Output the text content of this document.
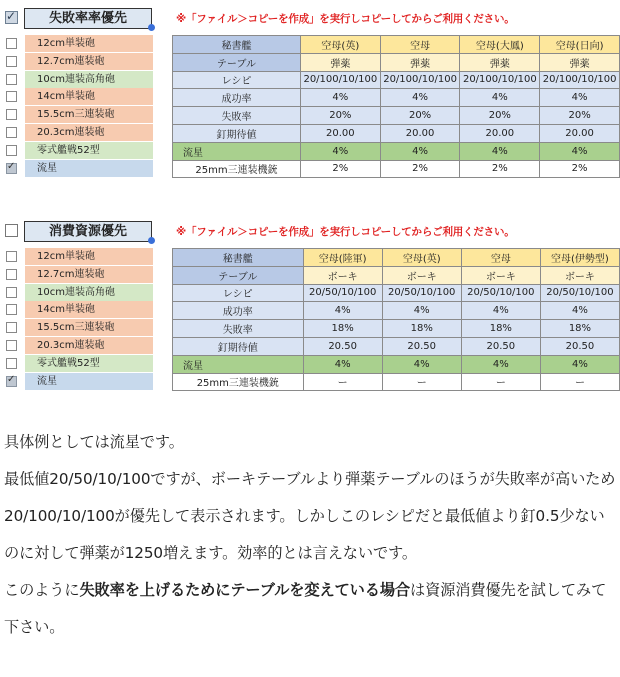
✓
失敗率率優先	※「ファイル＞コピーを作成」を実行しコピーしてからご利用ください。
12cm単装砲
12.7cm連装砲
10cm連装高角砲
14cm単装砲
15.5cm三連装砲
20.3cm連装砲
零式艦戦52型
✓
流星
秘書艦	空母(英)	空母	空母(大鳳)	空母(日向)
テーブル	弾薬	弾薬	弾薬	弾薬
レシピ	20/100/10/100	20/100/10/100	20/100/10/100	20/100/10/100
成功率	4%	4%	4%	4%
失敗率	20%	20%	20%	20%
釘期待値	20.00	20.00	20.00	20.00
流星	4%	4%	4%	4%
25mm三連装機銃	2%	2%	2%	2%
消費資源優先	※「ファイル＞コピーを作成」を実行しコピーしてからご利用ください。
12cm単装砲
12.7cm連装砲
10cm連装高角砲
14cm単装砲
15.5cm三連装砲
20.3cm連装砲
零式艦戦52型
✓
流星
秘書艦	空母(陸軍)	空母(英)	空母	空母(伊勢型)
テーブル	ボーキ	ボーキ	ボーキ	ボーキ
レシピ	20/50/10/100	20/50/10/100	20/50/10/100	20/50/10/100
成功率	4%	4%	4%	4%
失敗率	18%	18%	18%	18%
釘期待値	20.50	20.50	20.50	20.50
流星	4%	4%	4%	4%
25mm三連装機銃	ー	ー	ー	ー

具体例としては流星です。

最低値20/50/10/100ですが、ボーキテーブルより弾薬テーブルのほうが失敗率が高いため20/100/10/100が優先して表示されます。しかしこのレシピだと最低値より釘0.5少ないのに対して弾薬が1250増えます。効率的とは言えないです。

このように失敗率を上げるためにテーブルを変えている場合は資源消費優先を試してみて下さい。
